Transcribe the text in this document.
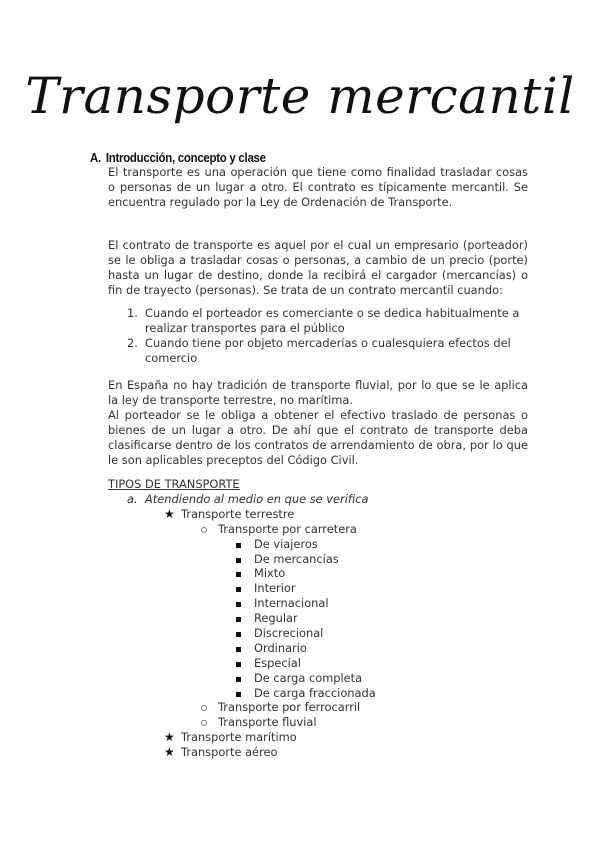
Transporte mercantil
A. Introducción, concepto y clase
El transporte es una operación que tiene como finalidad trasladar cosas o personas de un lugar a otro. El contrato es típicamente mercantil. Se encuentra regulado por la Ley de Ordenación de Transporte.
El contrato de transporte es aquel por el cual un empresario (porteador) se le obliga a trasladar cosas o personas, a cambio de un precio (porte) hasta un lugar de destino, donde la recibirá el cargador (mercancías) o fin de trayecto (personas). Se trata de un contrato mercantil cuando:
1. Cuando el porteador es comerciante o se dedica habitualmente a realizar transportes para el público
2. Cuando tiene por objeto mercaderías o cualesquiera efectos del comercio
En España no hay tradición de transporte fluvial, por lo que se le aplica la ley de transporte terrestre, no marítima.
Al porteador se le obliga a obtener el efectivo traslado de personas o bienes de un lugar a otro. De ahí que el contrato de transporte deba clasificarse dentro de los contratos de arrendamiento de obra, por lo que le son aplicables preceptos del Código Civil.
TIPOS DE TRANSPORTE
a. Atendiendo al medio en que se verifica
★ Transporte terrestre
Transporte por carretera
De viajeros
De mercancías
Mixto
Interior
Internacional
Regular
Discrecional
Ordinario
Especial
De carga completa
De carga fraccionada
Transporte por ferrocarril
Transporte fluvial
★ Transporte marítimo
★ Transporte aéreo
